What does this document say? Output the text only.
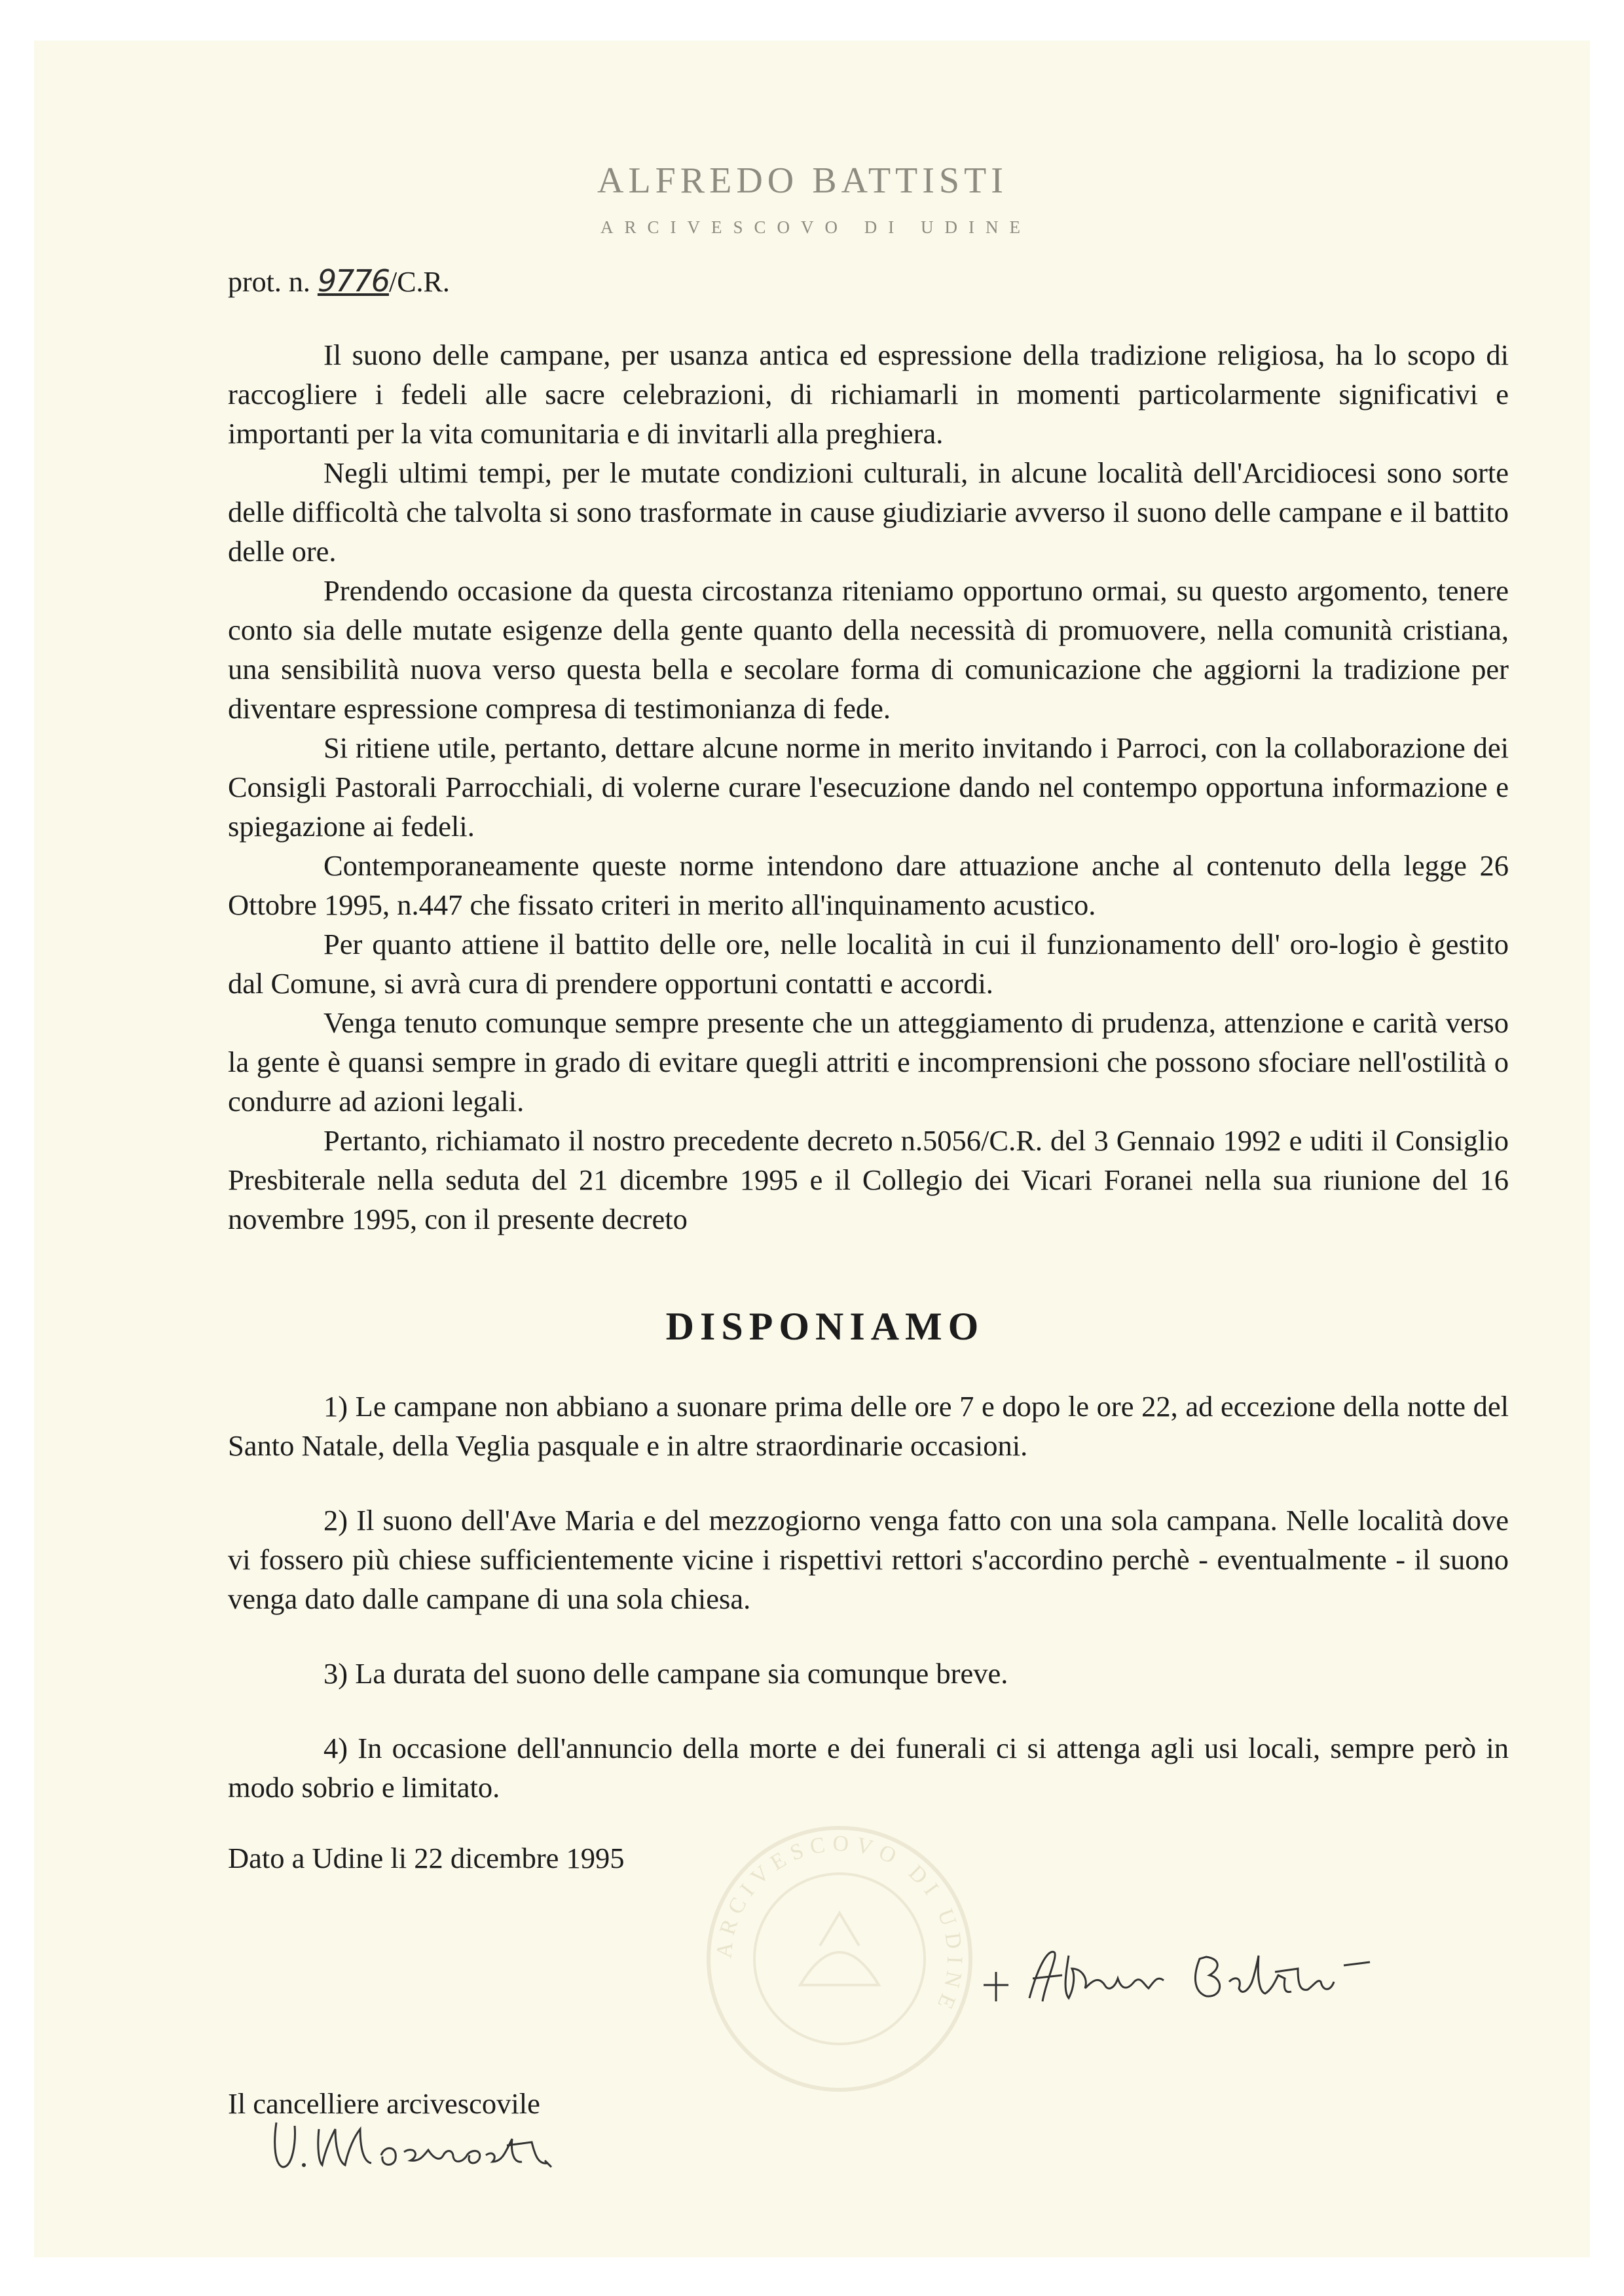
ALFREDO BATTISTI
ARCIVESCOVO DI UDINE
prot. n. 9776/C.R.

Il suono delle campane, per usanza antica ed espressione della tradizione religiosa, ha lo scopo di raccogliere i fedeli alle sacre celebrazioni, di richiamarli in momenti particolarmente significativi e importanti per la vita comunitaria e di invitarli alla preghiera.

Negli ultimi tempi, per le mutate condizioni culturali, in alcune località dell'Arcidiocesi sono sorte delle difficoltà che talvolta si sono trasformate in cause giudiziarie avverso il suono delle campane e il battito delle ore.

Prendendo occasione da questa circostanza riteniamo opportuno ormai, su questo argomento, tenere conto sia delle mutate esigenze della gente quanto della necessità di promuovere, nella comunità cristiana, una sensibilità nuova verso questa bella e secolare forma di comunicazione che aggiorni la tradizione per diventare espressione compresa di testimonianza di fede.

Si ritiene utile, pertanto, dettare alcune norme in merito invitando i Parroci, con la collaborazione dei Consigli Pastorali Parrocchiali, di volerne curare l'esecuzione dando nel contempo opportuna informazione e spiegazione ai fedeli.

Contemporaneamente queste norme intendono dare attuazione anche al contenuto della legge 26 Ottobre 1995, n.447 che fissato criteri in merito all'inquinamento acustico.

Per quanto attiene il battito delle ore, nelle località in cui il funzionamento dell' oro-logio è gestito dal Comune, si avrà cura di prendere opportuni contatti e accordi.

Venga tenuto comunque sempre presente che un atteggiamento di prudenza, attenzione e carità verso la gente è quansi sempre in grado di evitare quegli attriti e incomprensioni che possono sfociare nell'ostilità o condurre ad azioni legali.

Pertanto, richiamato il nostro precedente decreto n.5056/C.R. del 3 Gennaio 1992 e uditi il Consiglio Presbiterale nella seduta del 21 dicembre 1995 e il Collegio dei Vicari Foranei nella sua riunione del 16 novembre 1995, con il presente decreto

DISPONIAMO

1) Le campane non abbiano a suonare prima delle ore 7 e dopo le ore 22, ad eccezione della notte del Santo Natale, della Veglia pasquale e in altre straordinarie occasioni.

2) Il suono dell'Ave Maria e del mezzogiorno venga fatto con una sola campana. Nelle località dove vi fossero più chiese sufficientemente vicine i rispettivi rettori s'accordino perchè - eventualmente - il suono venga dato dalle campane di una sola chiesa.

3) La durata del suono delle campane sia comunque breve.

4) In occasione dell'annuncio della morte e dei funerali ci si attenga agli usi locali, sempre però in modo sobrio e limitato.

Dato a Udine li 22 dicembre 1995
ARCIVESCOVO DI UDINE
Il cancelliere arcivescovile
